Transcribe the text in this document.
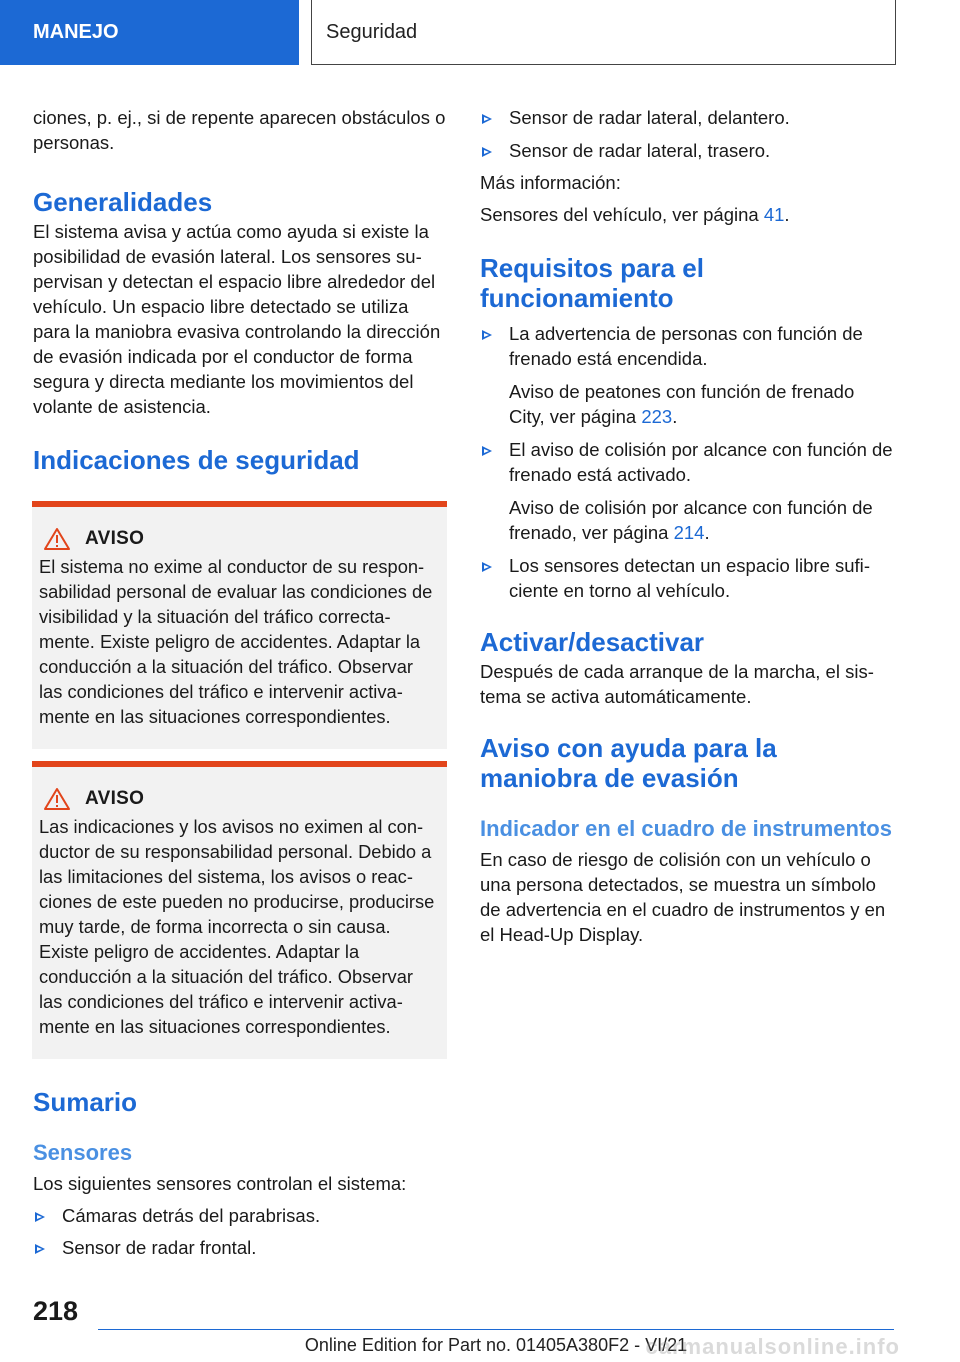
MANEJO	Seguridad

ciones, p. ej., si de repente aparecen obstáculos o personas.

Generalidades

El sistema avisa y actúa como ayuda si existe la posibilidad de evasión lateral. Los sensores supervisan y detectan el espacio libre alrededor del vehículo. Un espacio libre detectado se utiliza para la maniobra evasiva controlando la dirección de evasión indicada por el conductor de forma segura y directa mediante los movimientos del volante de asistencia.

Indicaciones de seguridad
AVISO

El sistema no exime al conductor de su responsabilidad personal de evaluar las condiciones de visibilidad y la situación del tráfico correctamente. Existe peligro de accidentes. Adaptar la conducción a la situación del tráfico. Observar las condiciones del tráfico e intervenir activamente en las situaciones correspondientes.

AVISO

Las indicaciones y los avisos no eximen al conductor de su responsabilidad personal. Debido a las limitaciones del sistema, los avisos o reacciones de este pueden no producirse, producirse muy tarde, de forma incorrecta o sin causa. Existe peligro de accidentes. Adaptar la conducción a la situación del tráfico. Observar las condiciones del tráfico e intervenir activamente en las situaciones correspondientes.

Sumario
Sensores

Los siguientes sensores controlan el sistema:

Cámaras detrás del parabrisas.
Sensor de radar frontal.
Sensor de radar lateral, delantero.
Sensor de radar lateral, trasero.

Más información:

Sensores del vehículo, ver página 41.

Requisitos para el funcionamiento
La advertencia de personas con función de frenado está encendida.

Aviso de peatones con función de frenado City, ver página 223.

El aviso de colisión por alcance con función de frenado está activado.

Aviso de colisión por alcance con función de frenado, ver página 214.

Los sensores detectan un espacio libre suficiente en torno al vehículo.
Activar/desactivar

Después de cada arranque de la marcha, el sistema se activa automáticamente.

Aviso con ayuda para la maniobra de evasión
Indicador en el cuadro de instrumentos

En caso de riesgo de colisión con un vehículo o una persona detectados, se muestra un símbolo de advertencia en el cuadro de instrumentos y en el Head-Up Display.

218
Online Edition for Part no. 01405A380F2 - VI/21
carmanualsonline.info
